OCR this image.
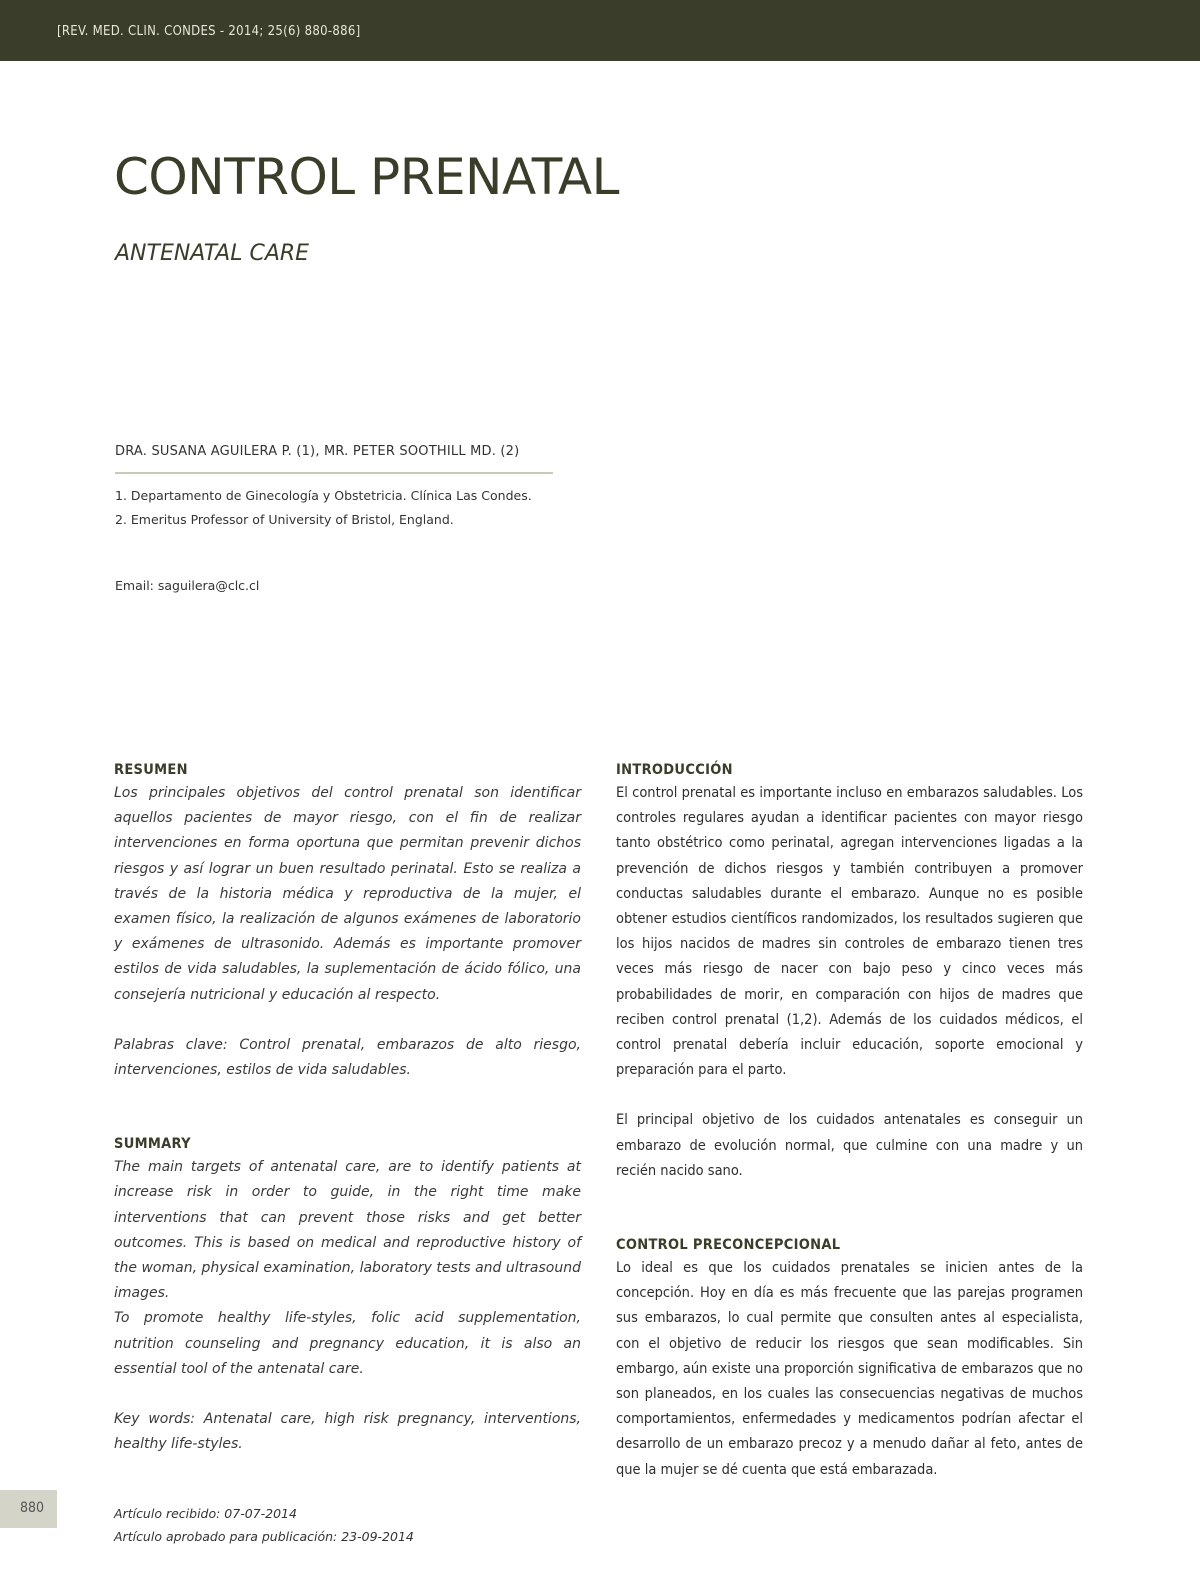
[REV. MED. CLIN. CONDES - 2014; 25(6) 880-886]
CONTROL PRENATAL
ANTENATAL CARE
DRA. SUSANA AGUILERA P. (1), MR. PETER SOOTHILL MD. (2)
1. Departamento de Ginecología y Obstetricia. Clínica Las Condes.
2. Emeritus Professor of University of Bristol, England.
Email: saguilera@clc.cl
RESUMEN

Los principales objetivos del control prenatal son identificar aquellos pacientes de mayor riesgo, con el fin de realizar intervenciones en forma oportuna que permitan prevenir dichos riesgos y así lograr un buen resultado perinatal. Esto se realiza a través de la historia médica y reproductiva de la mujer, el examen físico, la realización de algunos exámenes de laboratorio y exámenes de ultrasonido. Además es importante promover estilos de vida saludables, la suplementación de ácido fólico, una consejería nutricional y educación al respecto.

Palabras clave: Control prenatal, embarazos de alto riesgo, intervenciones, estilos de vida saludables.

SUMMARY

The main targets of antenatal care, are to identify patients at increase risk in order to guide, in the right time make interventions that can prevent those risks and get better outcomes. This is based on medical and reproductive history of the woman, physical examination, laboratory tests and ultrasound images.

To promote healthy life-styles, folic acid supplementation, nutrition counseling and pregnancy education, it is also an essential tool of the antenatal care.

Key words: Antenatal care, high risk pregnancy, interventions, healthy life-styles.

INTRODUCCIÓN

El control prenatal es importante incluso en embarazos saludables. Los controles regulares ayudan a identificar pacientes con mayor riesgo tanto obstétrico como perinatal, agregan intervenciones ligadas a la prevención de dichos riesgos y también contribuyen a promover conductas saludables durante el embarazo. Aunque no es posible obtener estudios científicos randomizados, los resultados sugieren que los hijos nacidos de madres sin controles de embarazo tienen tres veces más riesgo de nacer con bajo peso y cinco veces más probabilidades de morir, en comparación con hijos de madres que reciben control prenatal (1,2). Además de los cuidados médicos, el control prenatal debería incluir educación, soporte emocional y preparación para el parto.

El principal objetivo de los cuidados antenatales es conseguir un embarazo de evolución normal, que culmine con una madre y un recién nacido sano.

CONTROL PRECONCEPCIONAL

Lo ideal es que los cuidados prenatales se inicien antes de la concepción. Hoy en día es más frecuente que las parejas programen sus embarazos, lo cual permite que consulten antes al especialista, con el objetivo de reducir los riesgos que sean modificables. Sin embargo, aún existe una proporción significativa de embarazos que no son planeados, en los cuales las consecuencias negativas de muchos comportamientos, enfermedades y medicamentos podrían afectar el desarrollo de un embarazo precoz y a menudo dañar al feto, antes de que la mujer se dé cuenta que está embarazada.

880	Artículo recibido: 07-07-2014
Artículo aprobado para publicación: 23-09-2014
